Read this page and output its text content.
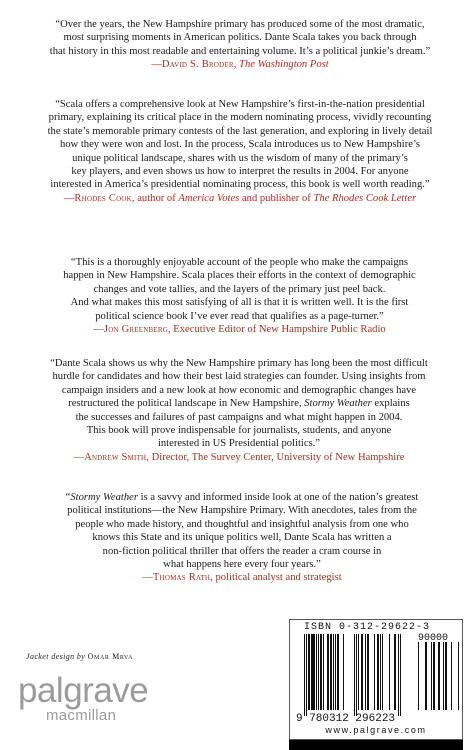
“Over the years, the New Hampshire primary has produced some of the most dramatic,

most surprising moments in American politics. Dante Scala takes you back through

that history in this most readable and entertaining volume. It’s a political junkie’s dream.”

—David S. Broder, The Washington Post

“Scala offers a comprehensive look at New Hampshire’s first-in-the-nation presidential

primary, explaining its critical place in the modern nominating process, vividly recounting

the state’s memorable primary contests of the last generation, and exploring in lively detail

how they were won and lost. In the process, Scala introduces us to New Hampshire’s

unique political landscape, shares with us the wisdom of many of the primary’s

key players, and even shows us how to interpret the results in 2004. For anyone

interested in America’s presidential nominating process, this book is well worth reading.”

—Rhodes Cook, author of America Votes and publisher of The Rhodes Cook Letter

“This is a thoroughly enjoyable account of the people who make the campaigns

happen in New Hampshire. Scala places their efforts in the context of demographic

changes and vote tallies, and the layers of the primary just peel back.

And what makes this most satisfying of all is that it is written well. It is the first

political science book I’ve ever read that qualifies as a page-turner.”

—Jon Greenberg, Executive Editor of New Hampshire Public Radio

“Dante Scala shows us why the New Hampshire primary has long been the most difficult

hurdle for candidates and how their best laid strategies can founder. Using insights from

campaign insiders and a new look at how economic and demographic changes have

restructured the political landscape in New Hampshire, Stormy Weather explains

the successes and failures of past campaigns and what might happen in 2004.

This book will prove indispensable for journalists, students, and anyone

interested in US Presidential politics.”

—Andrew Smith, Director, The Survey Center, University of New Hampshire

“Stormy Weather is a savvy and informed inside look at one of the nation’s greatest

political institutions—the New Hampshire Primary. With anecdotes, tales from the

people who made history, and thoughtful and insightful analysis from one who

knows this State and its unique politics well, Dante Scala has written a

non-fiction political thriller that offers the reader a cram course in

what happens here every four years.”

—Thomas Rath, political analyst and strategist

Jacket design by Omar Mrva
palgrave
macmillan
90000
9 780312 296223
ISBN 0-312-29622-3
www.palgrave.com
